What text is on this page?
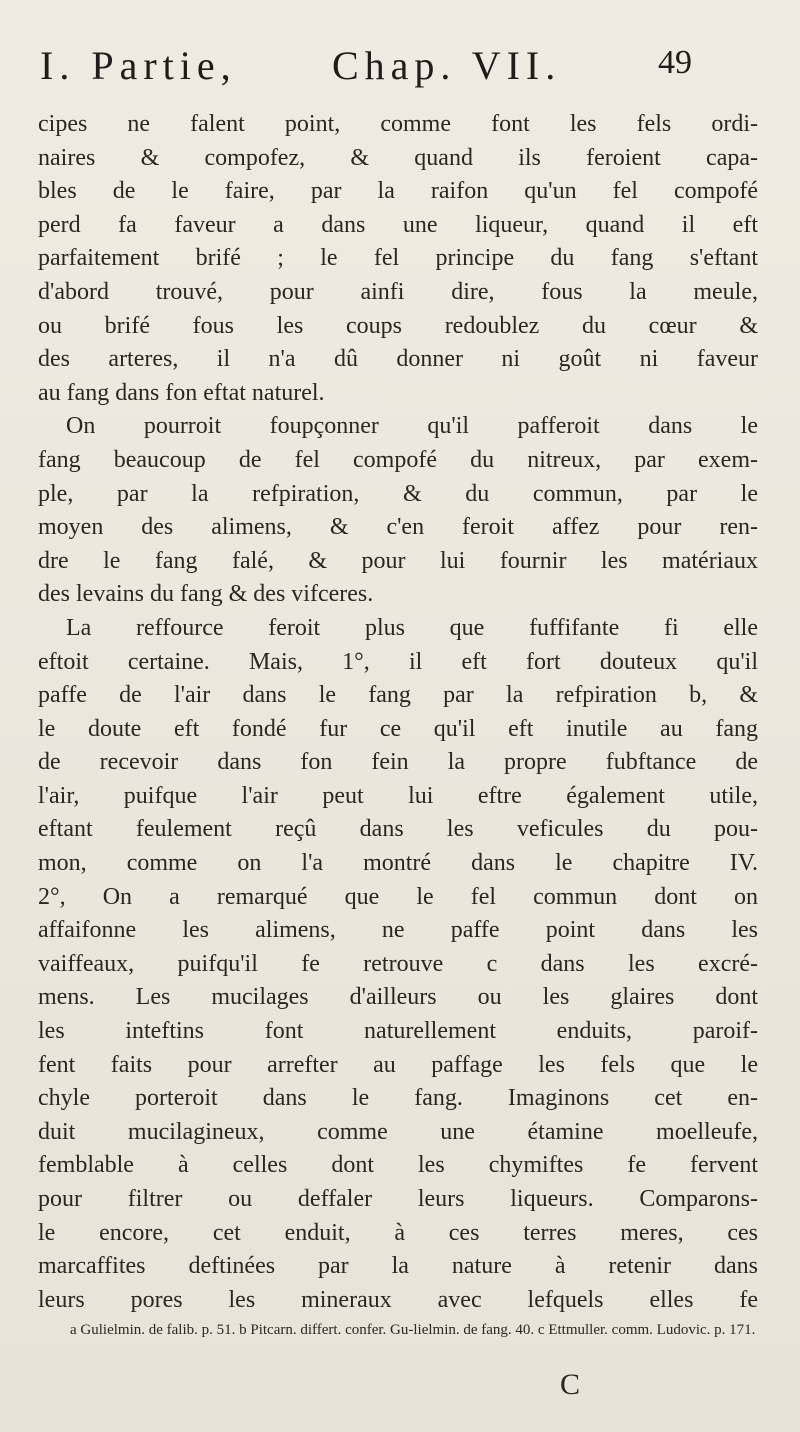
I. Partie, Chap. VII.	49
cipes ne falent point, comme font les fels ordi-
naires & compofez, & quand ils feroient capa-
bles de le faire, par la raifon qu'un fel compofé
perd fa faveur a dans une liqueur, quand il eft
parfaitement brifé ; le fel principe du fang s'eftant
d'abord trouvé, pour ainfi dire, fous la meule,
ou brifé fous les coups redoublez du cœur &
des arteres, il n'a dû donner ni goût ni faveur
au fang dans fon eftat naturel.
On pourroit foupçonner qu'il pafferoit dans le
fang beaucoup de fel compofé du nitreux, par exem-
ple, par la refpiration, & du commun, par le
moyen des alimens, & c'en feroit affez pour ren-
dre le fang falé, & pour lui fournir les matériaux
des levains du fang & des vifceres.
La reffource feroit plus que fuffifante fi elle
eftoit certaine. Mais, 1°, il eft fort douteux qu'il
paffe de l'air dans le fang par la refpiration b, &
le doute eft fondé fur ce qu'il eft inutile au fang
de recevoir dans fon fein la propre fubftance de
l'air, puifque l'air peut lui eftre également utile,
eftant feulement reçû dans les veficules du pou-
mon, comme on l'a montré dans le chapitre IV.
2°, On a remarqué que le fel commun dont on
affaifonne les alimens, ne paffe point dans les
vaiffeaux, puifqu'il fe retrouve c dans les excré-
mens. Les mucilages d'ailleurs ou les glaires dont
les inteftins font naturellement enduits, paroif-
fent faits pour arrefter au paffage les fels que le
chyle porteroit dans le fang. Imaginons cet en-
duit mucilagineux, comme une étamine moelleufe,
femblable à celles dont les chymiftes fe fervent
pour filtrer ou deffaler leurs liqueurs. Comparons-
le encore, cet enduit, à ces terres meres, ces
marcaffites deftinées par la nature à retenir dans
leurs pores les mineraux avec lefquels elles fe
a Gulielmin. de falib. p. 51. b Pitcarn. differt. confer. Gu-lielmin. de fang. 40. c Ettmuller. comm. Ludovic. p. 171.
C
